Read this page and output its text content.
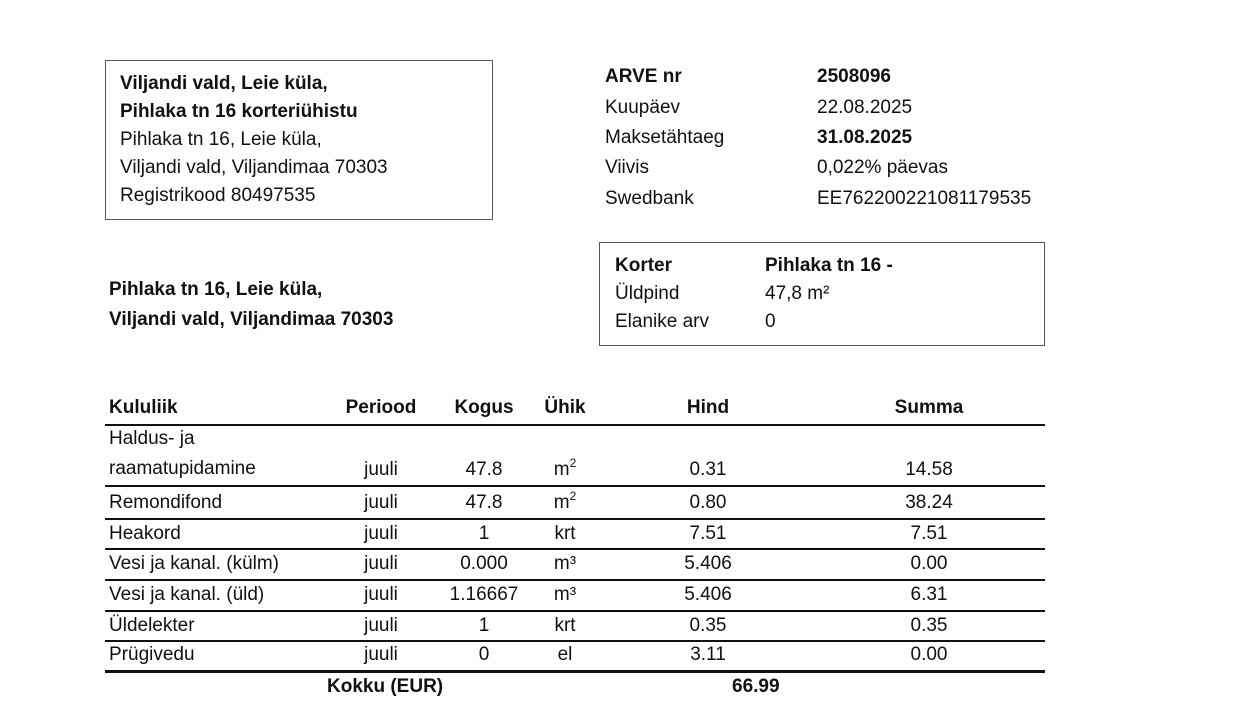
Viljandi vald, Leie küla,
Pihlaka tn 16 korteriühistu
Pihlaka tn 16, Leie küla,
Viljandi vald, Viljandimaa 70303
Registrikood 80497535
ARVE nr	2508096
Kuupäev	22.08.2025
Maksetähtaeg	31.08.2025
Viivis	0,022% päevas
Swedbank	EE762200221081179535
Korter	Pihlaka tn 16 -
Üldpind	47,8 m²
Elanike arv	0
Pihlaka tn 16, Leie küla,
Viljandi vald, Viljandimaa 70303
Kululiik	Periood	Kogus	Ühik	Hind	Summa
Haldus- ja
raamatupidamine	juuli	47.8	$m^2$	0.31	14.58
Remondifond	juuli	47.8	$m^2$	0.80	38.24
Heakord	juuli	1	krt	7.51	7.51
Vesi ja kanal. (külm)	juuli	0.000	m³	5.406	0.00
Vesi ja kanal. (üld)	juuli	1.16667	m³	5.406	6.31
Üldelekter	juuli	1	krt	0.35	0.35
Prügivedu	juuli	0	el	3.11	0.00
Kokku (EUR)	66.99
